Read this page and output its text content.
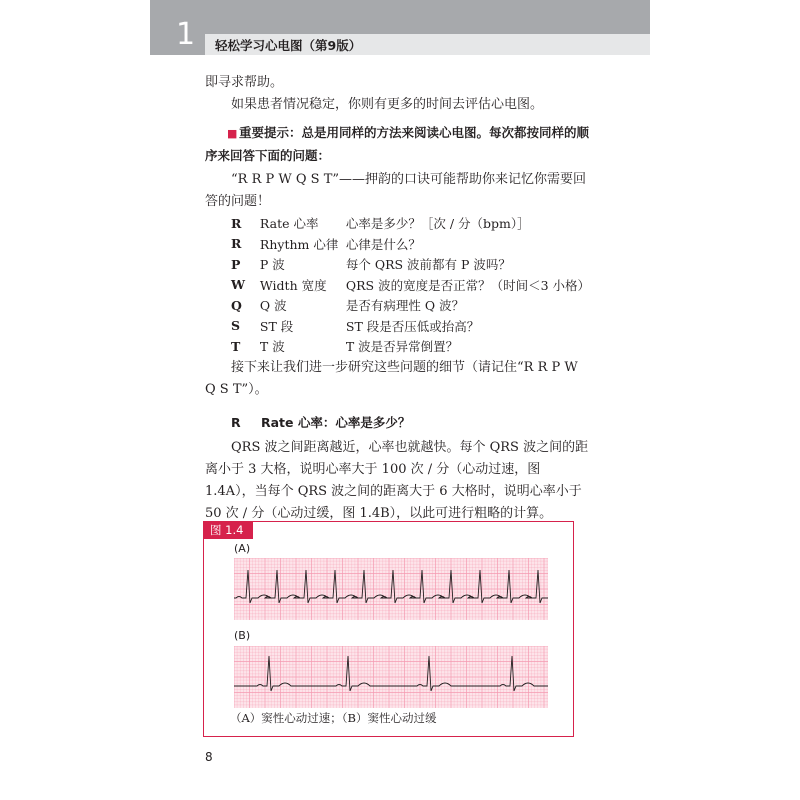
1 轻松学习心电图（第9版）

即寻求帮助。

如果患者情况稳定，你则有更多的时间去评估心电图。

■ 重要提示：总是用同样的方法来阅读心电图。每次都按同样的顺序来回答下面的问题：

“R R P W Q S T”——押韵的口诀可能帮助你来记忆你需要回答的问题！

R	Rate 心率	心率是多少？［次 / 分（bpm）］
R	Rhythm 心律	心律是什么？
P	P 波	每个 QRS 波前都有 P 波吗？
W	Width 宽度	QRS 波的宽度是否正常？（时间＜3 小格）
Q	Q 波	是否有病理性 Q 波？
S	ST 段	ST 段是否压低或抬高？
T	T 波	T 波是否异常倒置？

接下来让我们进一步研究这些问题的细节（请记住“R R P W Q S T”）。

R Rate 心率：心率是多少？

QRS 波之间距离越近，心率也就越快。每个 QRS 波之间的距离小于 3 大格，说明心率大于 100 次 / 分（心动过速，图 1.4A），当每个 QRS 波之间的距离大于 6 大格时，说明心率小于 50 次 / 分（心动过缓，图 1.4B），以此可进行粗略的计算。

图 1.4
(A)
(B)
（A）窦性心动过速；（B）窦性心动过缓
8
